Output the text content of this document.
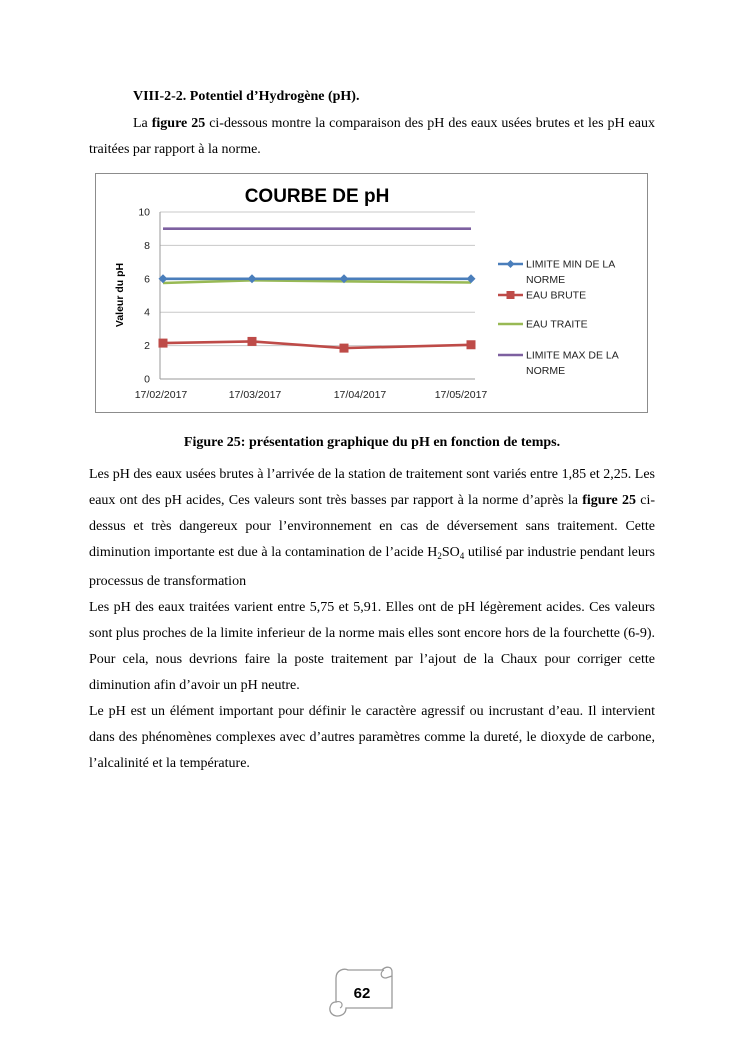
VIII-2-2. Potentiel d’Hydrogène (pH).
La figure 25 ci-dessous montre la comparaison des pH des eaux usées brutes et les pH eaux traitées par rapport à la norme.
COURBE DE pH
0
2
4
6
8
10
Valeur du pH
17/02/2017	17/03/2017	17/04/2017	17/05/2017
LIMITE MIN DE LA NORME
EAU BRUTE
EAU TRAITE
LIMITE MAX DE LA NORME
Figure 25: présentation graphique du pH en fonction de temps.

Les pH des eaux usées brutes à l’arrivée de la station de traitement sont variés entre 1,85 et 2,25. Les eaux ont des pH acides, Ces valeurs sont très basses par rapport à la norme d’après la figure 25 ci-dessus et très dangereux pour l’environnement en cas de déversement sans traitement. Cette diminution importante est due à la contamination de l’acide $H_2SO_4$ utilisé par industrie pendant leurs processus de transformation

Les pH des eaux traitées varient entre 5,75 et 5,91. Elles ont de pH légèrement acides. Ces valeurs sont plus proches de la limite inferieur de la norme mais elles sont encore hors de la fourchette (6-9). Pour cela, nous devrions faire la poste traitement par l’ajout de la Chaux pour corriger cette diminution afin d’avoir un pH neutre.

Le pH est un élément important pour définir le caractère agressif ou incrustant d’eau. Il intervient dans des phénomènes complexes avec d’autres paramètres comme la dureté, le dioxyde de carbone, l’alcalinité et la température.

62
